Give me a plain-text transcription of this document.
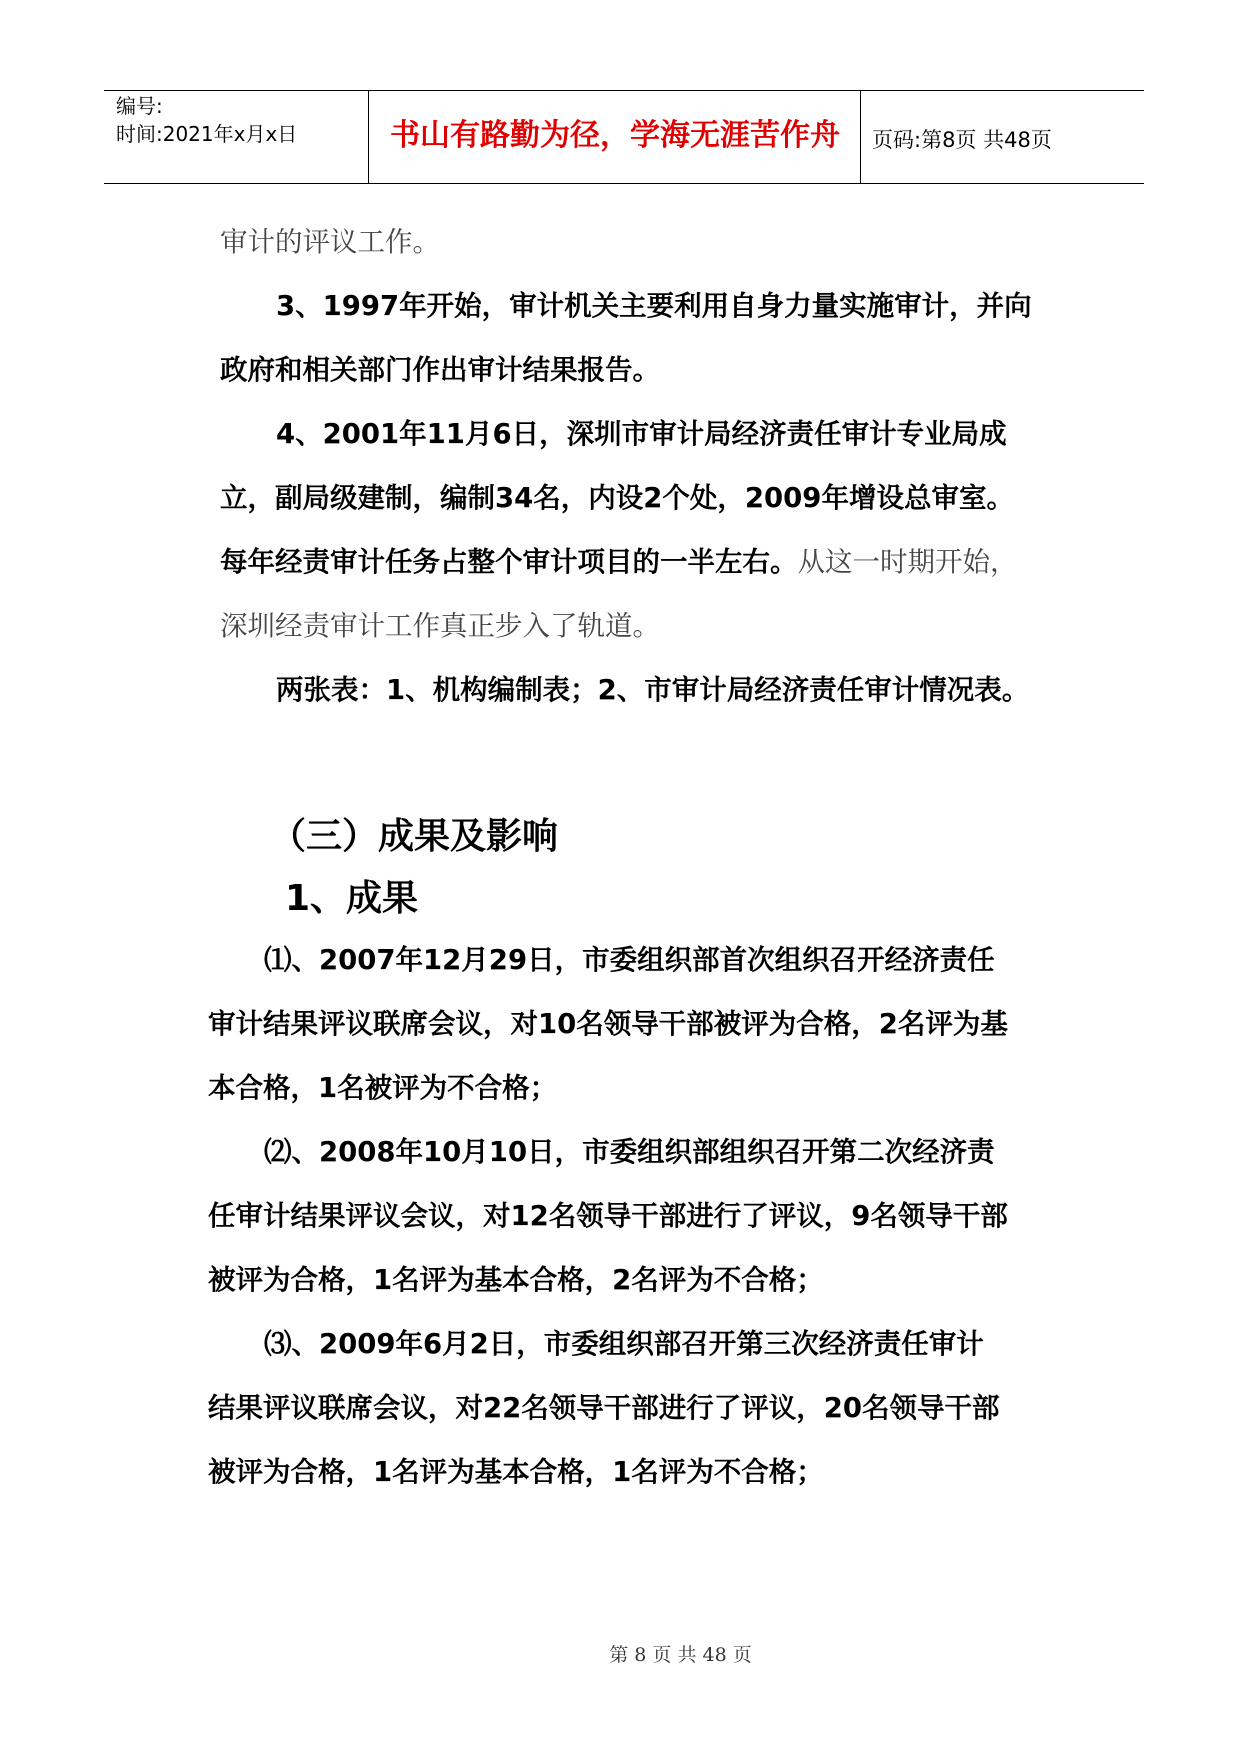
编号:
时间:2021年x月x日	书山有路勤为径，学海无涯苦作舟	页码:第8页 共48页

审计的评议工作。

3、1997年开始，审计机关主要利用自身力量实施审计，并向

政府和相关部门作出审计结果报告。

4、2001年11月6日，深圳市审计局经济责任审计专业局成

立，副局级建制，编制34名，内设2个处，2009年增设总审室。

每年经责审计任务占整个审计项目的一半左右。从这一时期开始，

深圳经责审计工作真正步入了轨道。

两张表：1、机构编制表；2、市审计局经济责任审计情况表。

（三）成果及影响
1、成果

⑴、2007年12月29日，市委组织部首次组织召开经济责任

审计结果评议联席会议，对10名领导干部被评为合格，2名评为基

本合格，1名被评为不合格；

⑵、2008年10月10日，市委组织部组织召开第二次经济责

任审计结果评议会议，对12名领导干部进行了评议，9名领导干部

被评为合格，1名评为基本合格，2名评为不合格；

⑶、2009年6月2日，市委组织部召开第三次经济责任审计

结果评议联席会议，对22名领导干部进行了评议，20名领导干部

被评为合格，1名评为基本合格，1名评为不合格；

第 8 页 共 48 页
